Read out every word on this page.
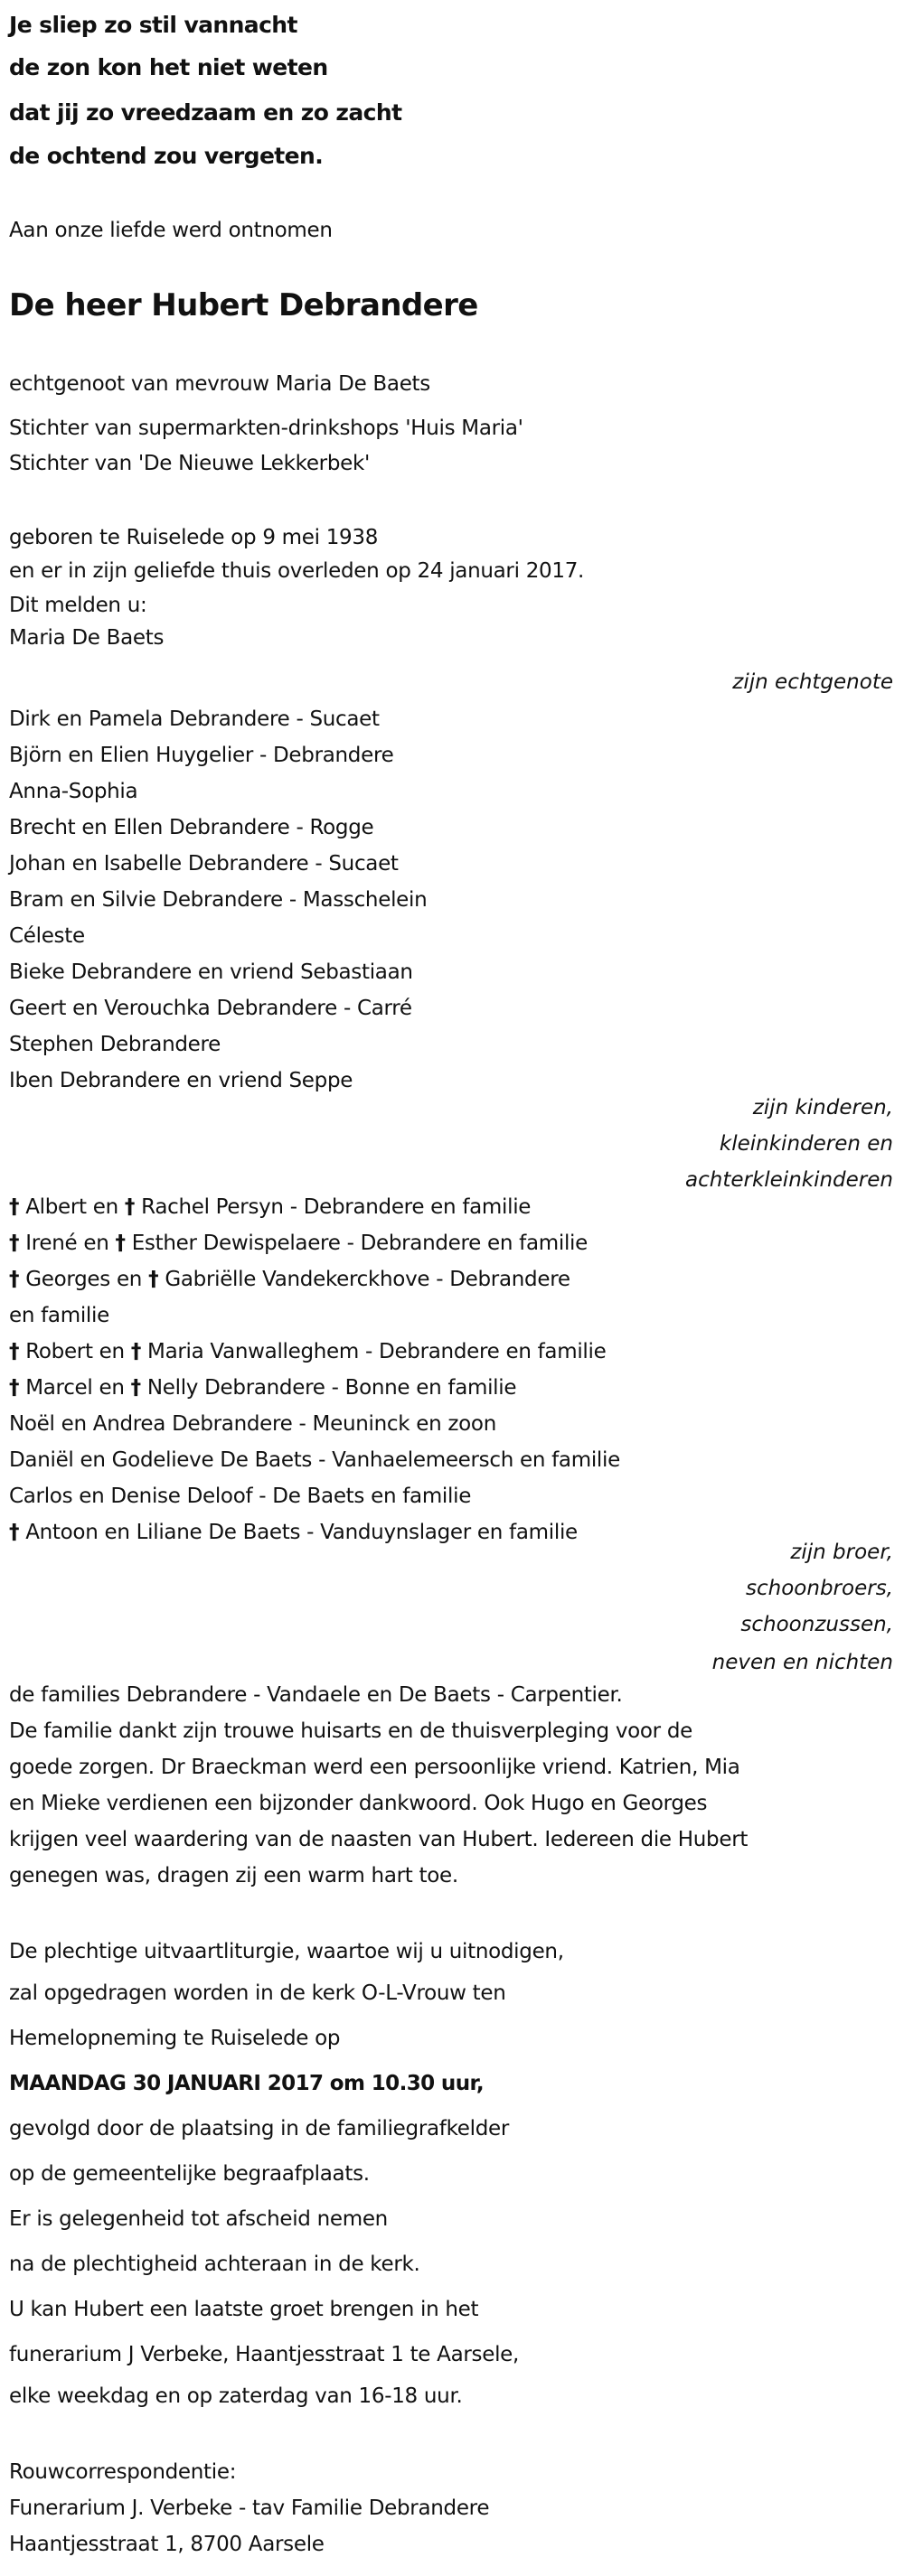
Je sliep zo stil vannacht
de zon kon het niet weten
dat jij zo vreedzaam en zo zacht
de ochtend zou vergeten.
Aan onze liefde werd ontnomen
De heer Hubert Debrandere
echtgenoot van mevrouw Maria De Baets
Stichter van supermarkten-drinkshops 'Huis Maria'
Stichter van 'De Nieuwe Lekkerbek'
geboren te Ruiselede op 9 mei 1938
en er in zijn geliefde thuis overleden op 24 januari 2017.
Dit melden u:
Maria De Baets
zijn echtgenote
Dirk en Pamela Debrandere - Sucaet
Björn en Elien Huygelier - Debrandere
Anna-Sophia
Brecht en Ellen Debrandere - Rogge
Johan en Isabelle Debrandere - Sucaet
Bram en Silvie Debrandere - Masschelein
Céleste
Bieke Debrandere en vriend Sebastiaan
Geert en Verouchka Debrandere - Carré
Stephen Debrandere
Iben Debrandere en vriend Seppe
zijn kinderen,
kleinkinderen en
achterkleinkinderen
† Albert en † Rachel Persyn - Debrandere en familie
† Irené en † Esther Dewispelaere - Debrandere en familie
† Georges en † Gabriëlle Vandekerckhove - Debrandere
en familie
† Robert en † Maria Vanwalleghem - Debrandere en familie
† Marcel en † Nelly Debrandere - Bonne en familie
Noël en Andrea Debrandere - Meuninck en zoon
Daniël en Godelieve De Baets - Vanhaelemeersch en familie
Carlos en Denise Deloof - De Baets en familie
† Antoon en Liliane De Baets - Vanduynslager en familie
zijn broer,
schoonbroers,
schoonzussen,
neven en nichten
de families Debrandere - Vandaele en De Baets - Carpentier.
De familie dankt zijn trouwe huisarts en de thuisverpleging voor de
goede zorgen. Dr Braeckman werd een persoonlijke vriend. Katrien, Mia
en Mieke verdienen een bijzonder dankwoord. Ook Hugo en Georges
krijgen veel waardering van de naasten van Hubert. Iedereen die Hubert
genegen was, dragen zij een warm hart toe.
De plechtige uitvaartliturgie, waartoe wij u uitnodigen,
zal opgedragen worden in de kerk O-L-Vrouw ten
Hemelopneming te Ruiselede op
MAANDAG 30 JANUARI 2017 om 10.30 uur,
gevolgd door de plaatsing in de familiegrafkelder
op de gemeentelijke begraafplaats.
Er is gelegenheid tot afscheid nemen
na de plechtigheid achteraan in de kerk.
U kan Hubert een laatste groet brengen in het
funerarium J Verbeke, Haantjesstraat 1 te Aarsele,
elke weekdag en op zaterdag van 16-18 uur.
Rouwcorrespondentie:
Funerarium J. Verbeke - tav Familie Debrandere
Haantjesstraat 1, 8700 Aarsele
